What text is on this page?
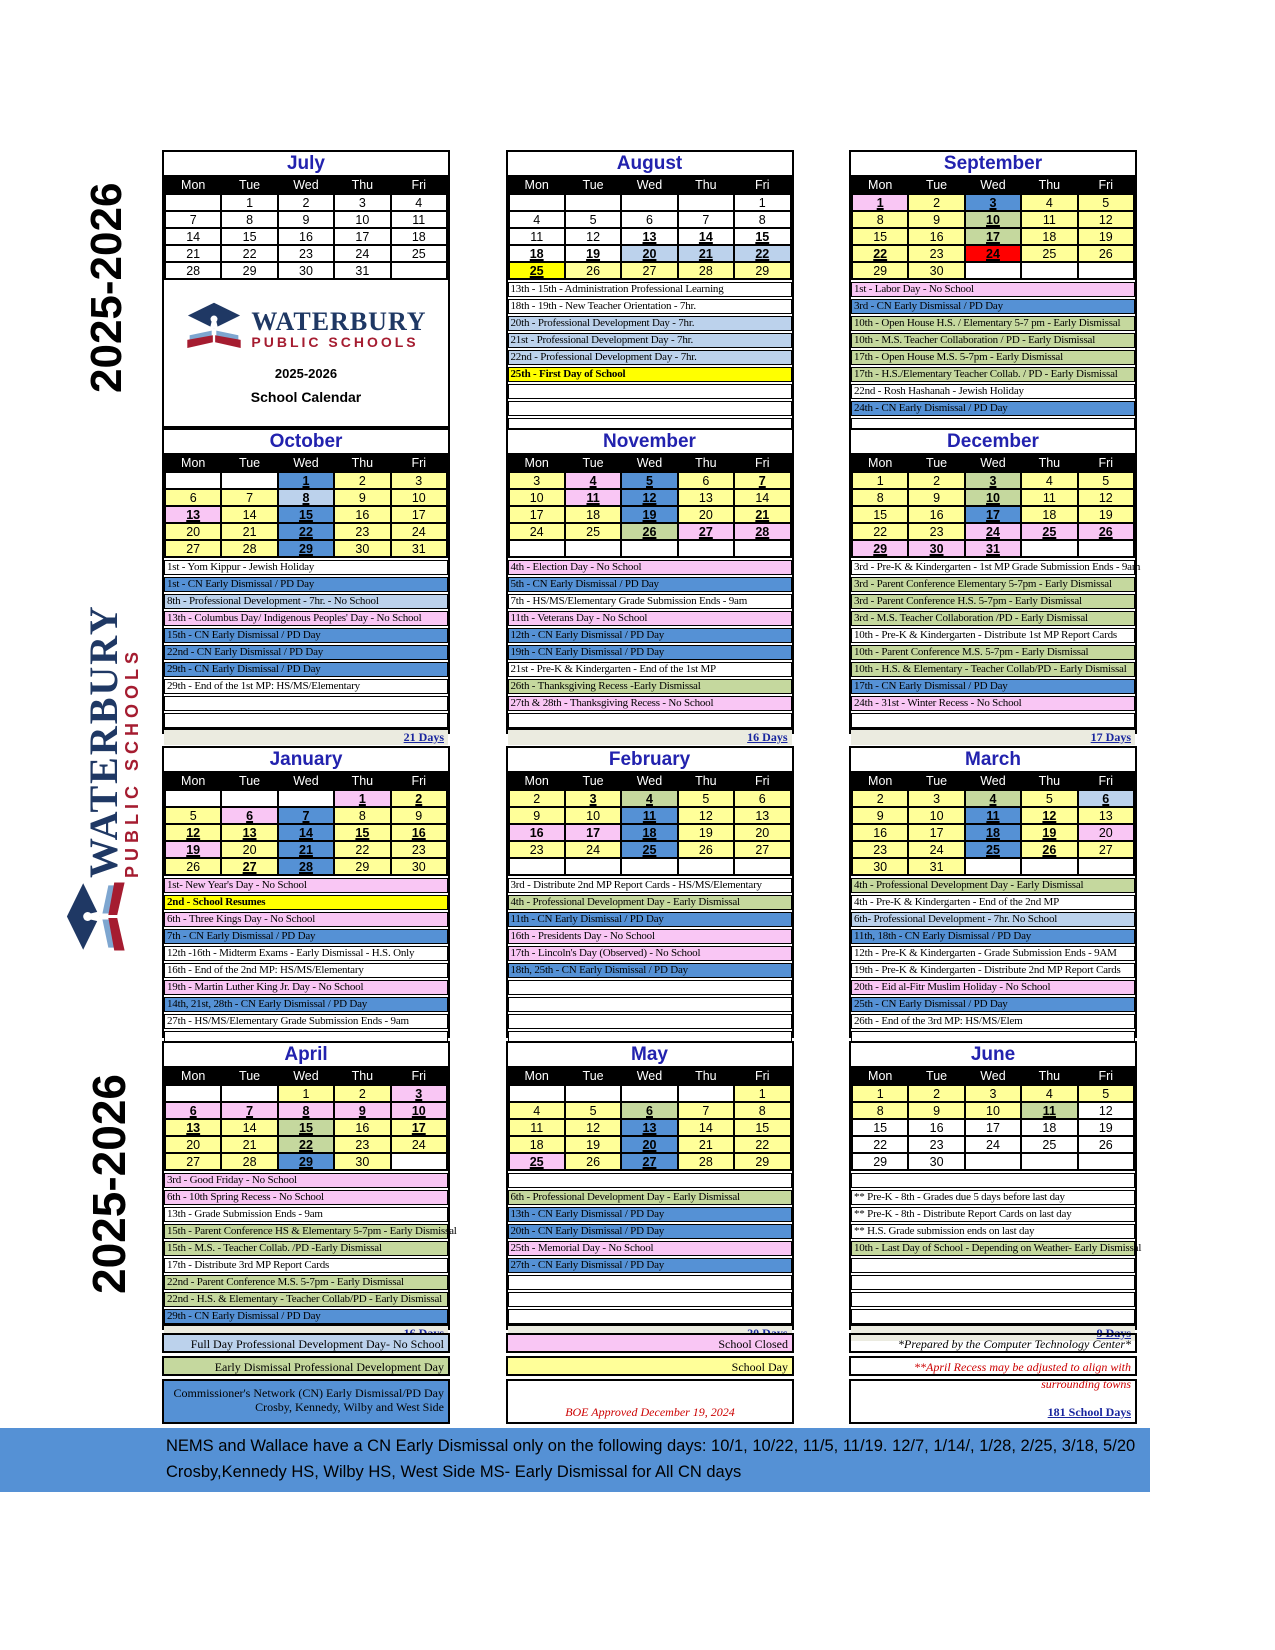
2025-2026
WATERBURY
PUBLIC SCHOOLS
2025-2026
July
Mon	Tue	Wed	Thu	Fri
	1	2	3	4
7	8	9	10	11
14	15	16	17	18
21	22	23	24	25
28	29	30	31	
WATERBURY
PUBLIC SCHOOLS
2025-2026
School Calendar
August
Mon	Tue	Wed	Thu	Fri
				1
4	5	6	7	8
11	12	13	14	15
18	19	20	21	22
25	26	27	28	29
13th - 15th - Administration Professional Learning
18th - 19th - New Teacher Orientation - 7hr.
20th - Professional Development Day - 7hr.
21st - Professional Development Day - 7hr.
22nd - Professional Development Day - 7hr.
25th - First Day of School
September
Mon	Tue	Wed	Thu	Fri
1	2	3	4	5
8	9	10	11	12
15	16	17	18	19
22	23	24	25	26
29	30			
1st - Labor Day - No School
3rd - CN Early Dismissal / PD Day
10th - Open House H.S. / Elementary 5-7 pm - Early Dismissal
10th - M.S. Teacher Collaboration / PD - Early Dismissal
17th - Open House M.S. 5-7pm - Early Dismissal
17th - H.S./Elementary Teacher Collab. / PD - Early Dismissal
22nd - Rosh Hashanah - Jewish Holiday
24th - CN Early Dismissal / PD Day
October
Mon	Tue	Wed	Thu	Fri
		1	2	3
6	7	8	9	10
13	14	15	16	17
20	21	22	23	24
27	28	29	30	31
1st - Yom Kippur - Jewish Holiday
1st - CN Early Dismissal / PD Day
8th - Professional Development - 7hr. - No School
13th - Columbus Day/ Indigenous Peoples' Day - No School
15th - CN Early Dismissal / PD Day
22nd - CN Early Dismissal / PD Day
29th - CN Early Dismissal / PD Day
29th - End of the 1st MP: HS/MS/Elementary
21 Days
November
Mon	Tue	Wed	Thu	Fri
3	4	5	6	7
10	11	12	13	14
17	18	19	20	21
24	25	26	27	28

4th - Election Day - No School
5th - CN Early Dismissal / PD Day
7th - HS/MS/Elementary Grade Submission Ends - 9am
11th - Veterans Day - No School
12th - CN Early Dismissal / PD Day
19th - CN Early Dismissal / PD Day
21st - Pre-K & Kindergarten - End of the 1st MP
26th - Thanksgiving Recess -Early Dismissal
27th & 28th - Thanksgiving Recess - No School
16 Days
December
Mon	Tue	Wed	Thu	Fri
1	2	3	4	5
8	9	10	11	12
15	16	17	18	19
22	23	24	25	26
29	30	31		
3rd - Pre-K & Kindergarten - 1st MP Grade Submission Ends - 9am
3rd - Parent Conference Elementary 5-7pm - Early Dismissal
3rd - Parent Conference H.S. 5-7pm - Early Dismissal
3rd - M.S. Teacher Collaboration /PD - Early Dismissal
10th - Pre-K & Kindergarten - Distribute 1st MP Report Cards
10th - Parent Conference M.S. 5-7pm - Early Dismissal
10th - H.S. & Elementary - Teacher Collab/PD - Early Dismissal
17th - CN Early Dismissal / PD Day
24th - 31st - Winter Recess - No School
17 Days
January
Mon	Tue	Wed	Thu	Fri
			1	2
5	6	7	8	9
12	13	14	15	16
19	20	21	22	23
26	27	28	29	30
1st- New Year's Day - No School
2nd - School Resumes
6th - Three Kings Day - No School
7th - CN Early Dismissal / PD Day
12th -16th - Midterm Exams - Early Dismissal - H.S. Only
16th - End of the 2nd MP: HS/MS/Elementary
19th - Martin Luther King Jr. Day - No School
14th, 21st, 28th - CN Early Dismissal / PD Day
27th - HS/MS/Elementary Grade Submission Ends - 9am
February
Mon	Tue	Wed	Thu	Fri
2	3	4	5	6
9	10	11	12	13
16	17	18	19	20
23	24	25	26	27

3rd - Distribute 2nd MP Report Cards - HS/MS/Elementary
4th - Professional Development Day - Early Dismissal
11th - CN Early Dismissal / PD Day
16th - Presidents Day - No School
17th - Lincoln's Day (Observed) - No School
18th, 25th - CN Early Dismissal / PD Day
March
Mon	Tue	Wed	Thu	Fri
2	3	4	5	6
9	10	11	12	13
16	17	18	19	20
23	24	25	26	27
30	31			
4th - Professional Development Day - Early Dismissal
4th - Pre-K & Kindergarten - End of the 2nd MP
6th- Professional Development - 7hr. No School
11th, 18th - CN Early Dismissal / PD Day
12th - Pre-K & Kindergarten - Grade Submission Ends - 9AM
19th - Pre-K & Kindergarten - Distribute 2nd MP Report Cards
20th - Eid al-Fitr Muslim Holiday - No School
25th - CN Early Dismissal / PD Day
26th - End of the 3rd MP: HS/MS/Elem
April
Mon	Tue	Wed	Thu	Fri
		1	2	3
6	7	8	9	10
13	14	15	16	17
20	21	22	23	24
27	28	29	30	
3rd - Good Friday - No School
6th - 10th Spring Recess - No School
13th - Grade Submission Ends - 9am
15th - Parent Conference HS & Elementary 5-7pm - Early Dismissal
15th - M.S. - Teacher Collab. /PD -Early Dismissal
17th - Distribute 3rd MP Report Cards
22nd - Parent Conference M.S. 5-7pm - Early Dismissal
22nd - H.S. & Elementary - Teacher Collab/PD - Early Dismissal
29th - CN Early Dismissal / PD Day
May
Mon	Tue	Wed	Thu	Fri
				1
4	5	6	7	8
11	12	13	14	15
18	19	20	21	22
25	26	27	28	29
6th - Professional Development Day - Early Dismissal
13th - CN Early Dismissal / PD Day
20th - CN Early Dismissal / PD Day
25th - Memorial Day - No School
27th - CN Early Dismissal / PD Day
June
Mon	Tue	Wed	Thu	Fri
1	2	3	4	5
8	9	10	11	12
15	16	17	18	19
22	23	24	25	26
29	30			
** Pre-K - 8th - Grades due 5 days before last day
** Pre-K - 8th - Distribute Report Cards on last day
** H.S. Grade submission ends on last day
10th - Last Day of School - Depending on Weather- Early Dismissal
9 Days
Full Day Professional Development Day- No School
Early Dismissal Professional Development Day
Commissioner's Network (CN) Early Dismissal/PD Day
Crosby, Kennedy, Wilby and West Side
School Closed
School Day
BOE Approved December 19, 2024
*Prepared by the Computer Technology Center*
**April Recess may be adjusted to align with surrounding towns
181 School Days
NEMS and Wallace have a CN Early Dismissal only on the following days: 10/1, 10/22, 11/5, 11/19. 12/7, 1/14/, 1/28, 2/25, 3/18, 5/20
Crosby,Kennedy HS, Wilby HS, West Side MS- Early Dismissal for All CN days
